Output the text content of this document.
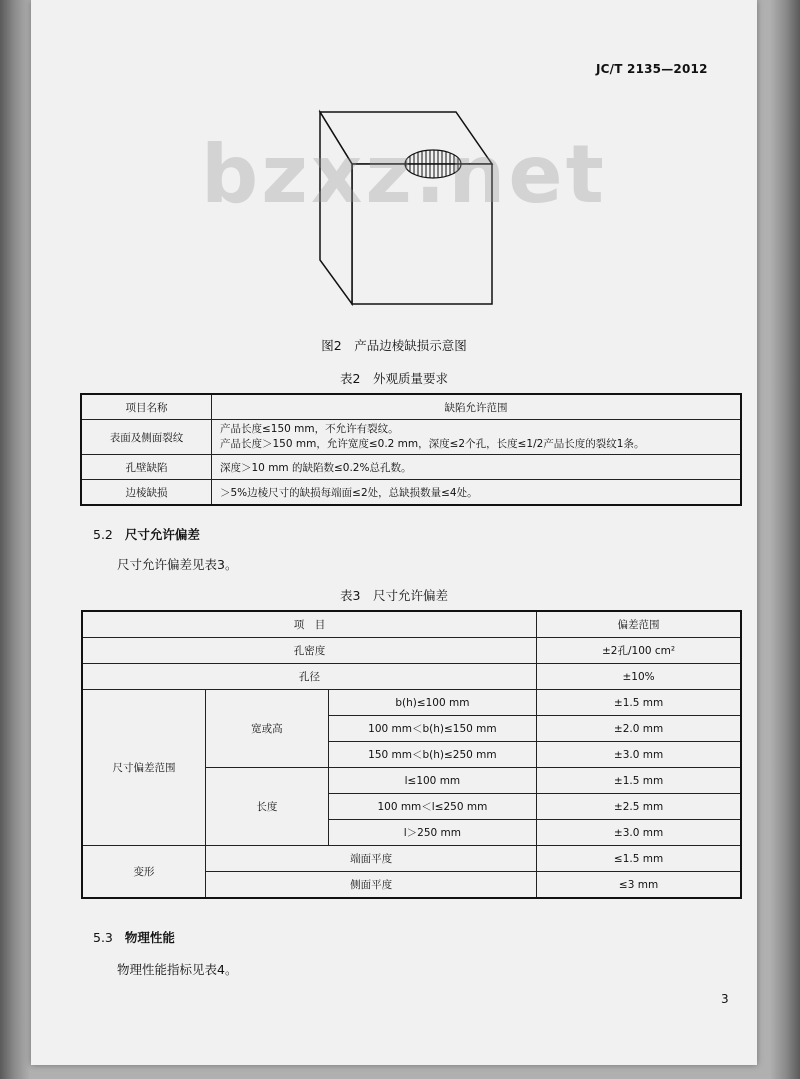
JC/T 2135—2012
bzxz.net
图2　产品边棱缺损示意图
表2　外观质量要求
项目名称	缺陷允许范围
表面及侧面裂纹	产品长度≤150 mm，不允许有裂纹。
产品长度＞150 mm，允许宽度≤0.2 mm，深度≤2个孔，长度≤1/2产品长度的裂纹1条。

孔壁缺陷	深度＞10 mm 的缺陷数≤0.2%总孔数。
边棱缺损	＞5%边棱尺寸的缺损每端面≤2处，总缺损数量≤4处。
5.2 尺寸允许偏差
尺寸允许偏差见表3。
表3　尺寸允许偏差
项　目			偏差范围
孔密度			±2孔/100 cm²
孔径			±10%
尺寸偏差范围	宽或高	b(h)≤100 mm	±1.5 mm
		100 mm＜b(h)≤150 mm	±2.0 mm
		150 mm＜b(h)≤250 mm	±3.0 mm
	长度	l≤100 mm	±1.5 mm
		100 mm＜l≤250 mm	±2.5 mm
		l＞250 mm	±3.0 mm
变形	端面平度		≤1.5 mm
	侧面平度		≤3 mm
5.3 物理性能
物理性能指标见表4。
3
